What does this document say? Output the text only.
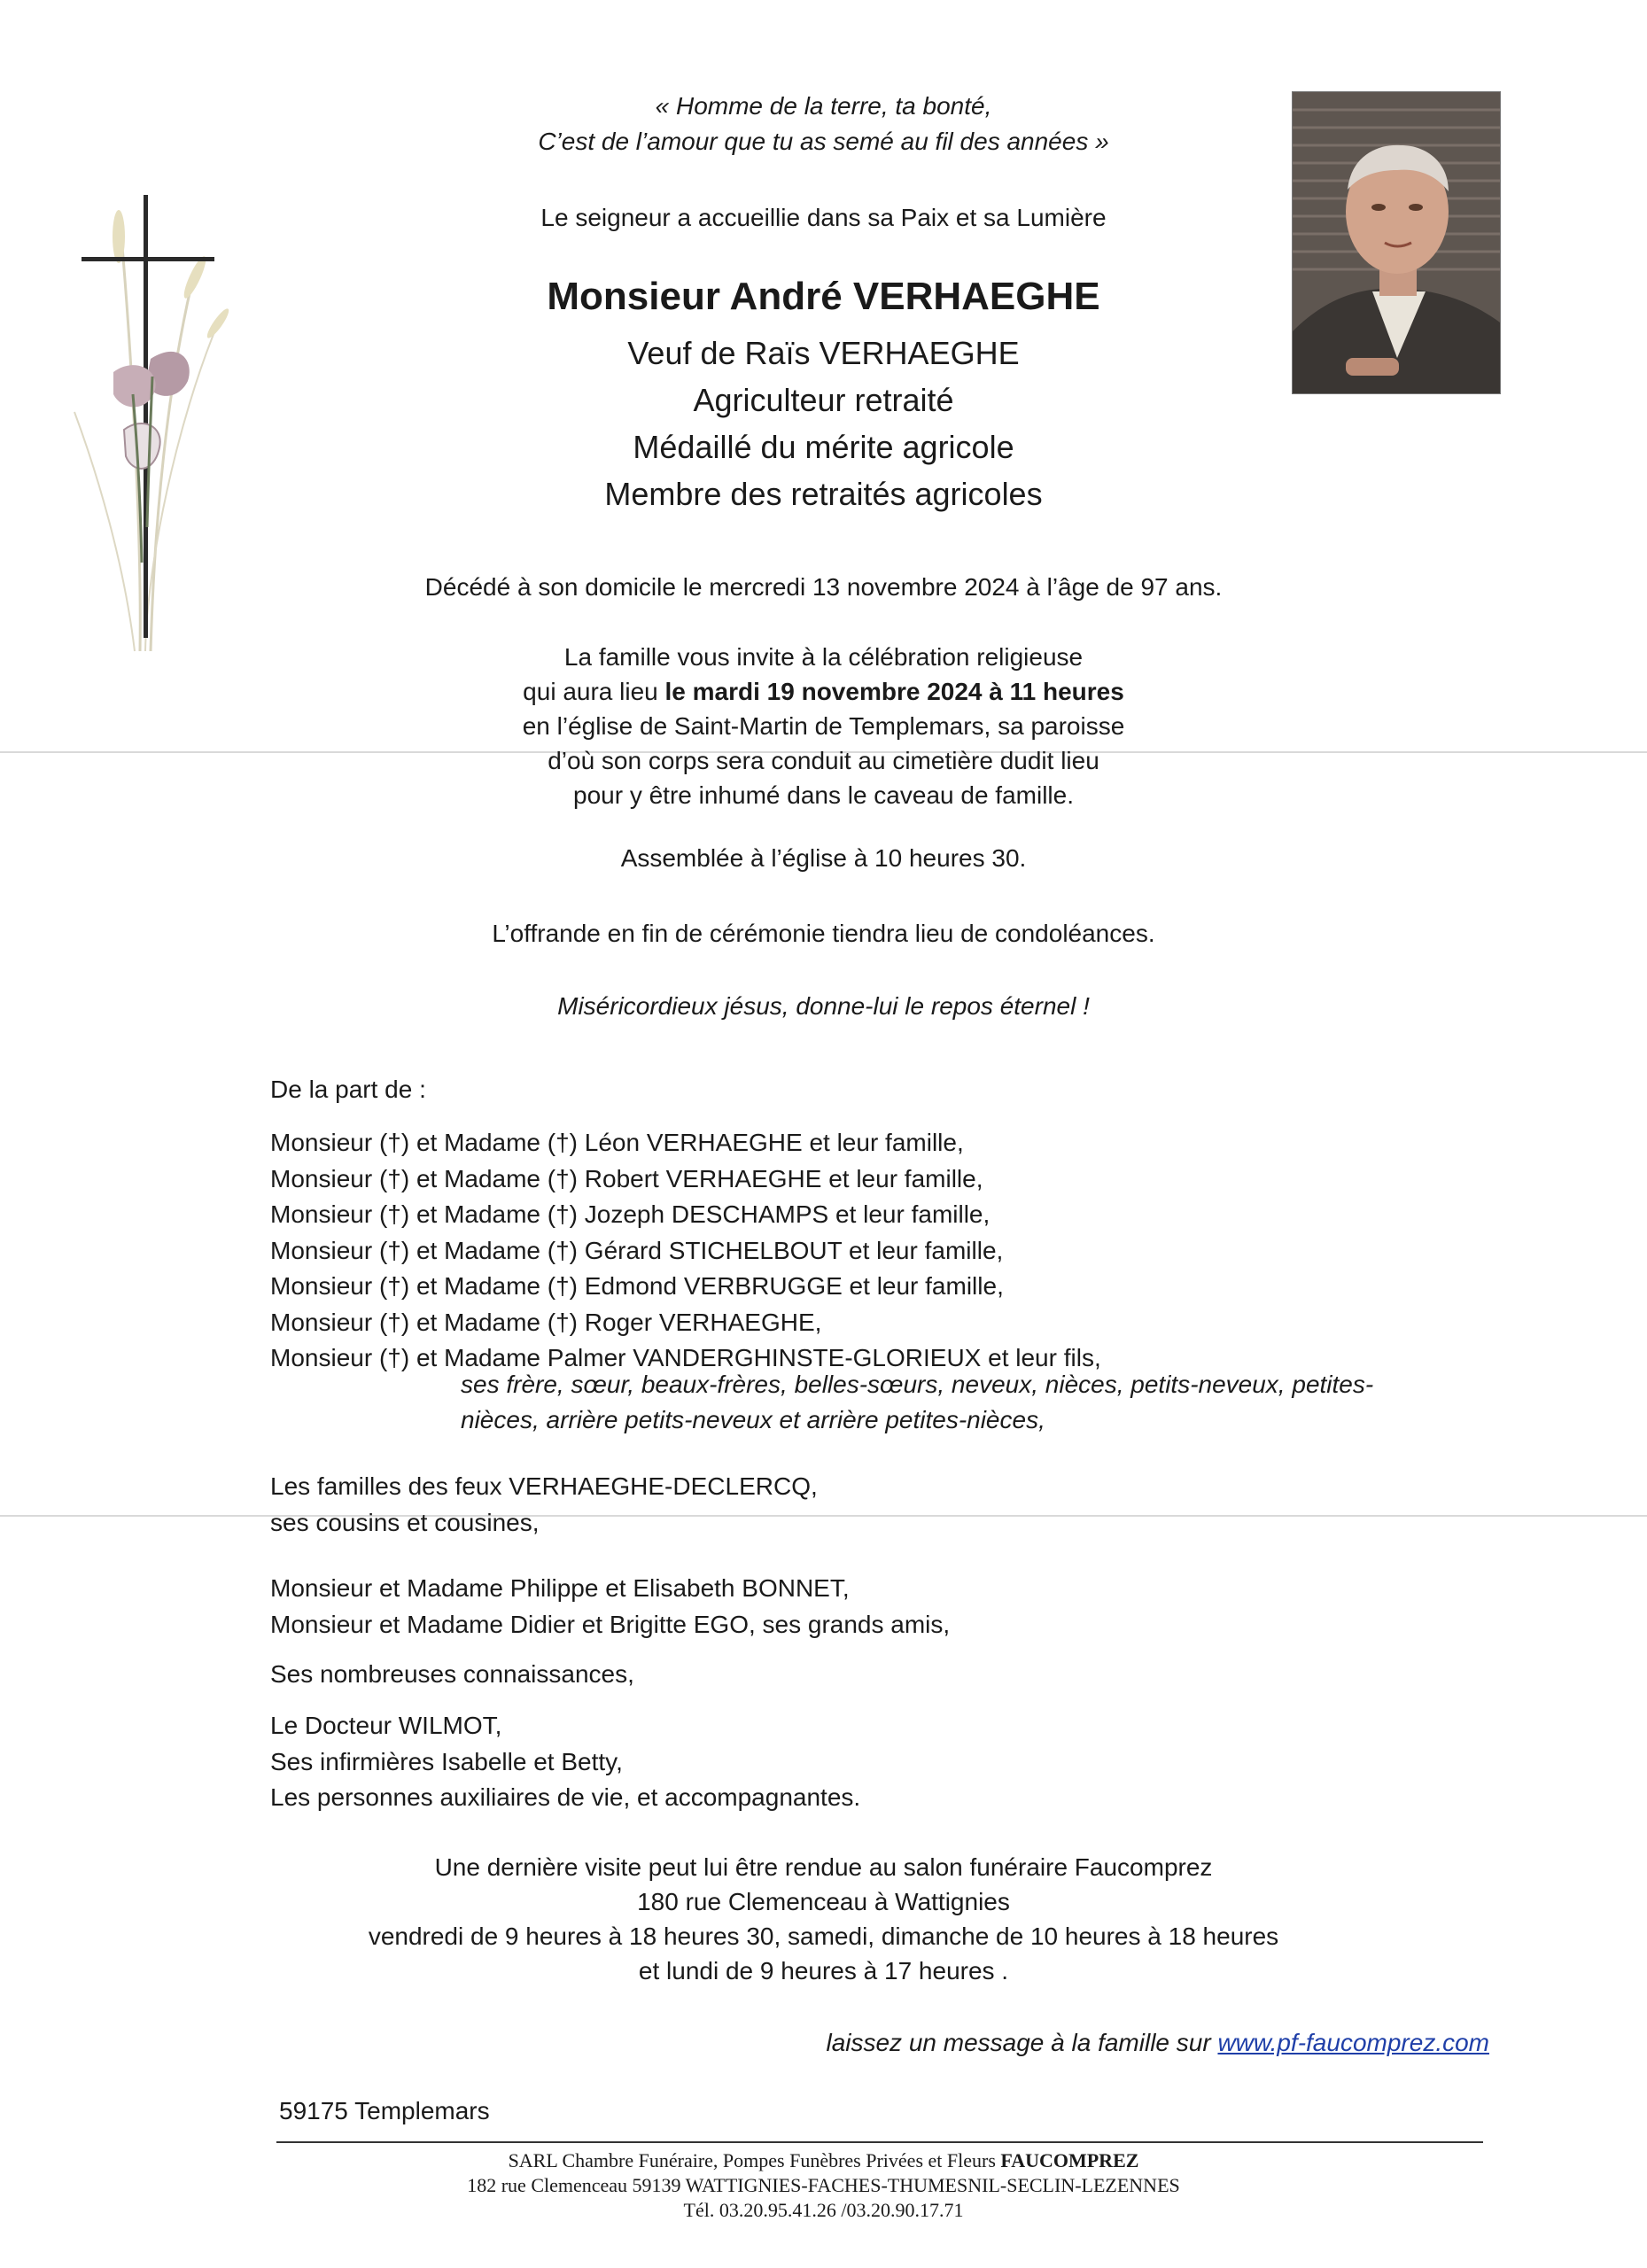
« Homme de la terre, ta bonté,
C’est de l’amour que tu as semé au fil des années »
Le seigneur a accueillie dans sa Paix et sa Lumière
Monsieur André VERHAEGHE
Veuf de Raïs VERHAEGHE
Agriculteur retraité
Médaillé du mérite agricole
Membre des retraités agricoles
Décédé à son domicile le mercredi 13 novembre 2024 à l’âge de 97 ans.
La famille vous invite à la célébration religieuse
qui aura lieu le mardi 19 novembre 2024 à 11 heures
en l’église de Saint-Martin de Templemars, sa paroisse
d’où son corps sera conduit au cimetière dudit lieu
pour y être inhumé dans le caveau de famille.
Assemblée à l’église à 10 heures 30.
L’offrande en fin de cérémonie tiendra lieu de condoléances.
Miséricordieux jésus, donne-lui le repos éternel !
De la part de :
Monsieur (†) et Madame (†) Léon VERHAEGHE et leur famille,
Monsieur (†) et Madame (†) Robert VERHAEGHE et leur famille,
Monsieur (†) et Madame (†) Jozeph DESCHAMPS et leur famille,
Monsieur (†) et Madame (†) Gérard STICHELBOUT et leur famille,
Monsieur (†) et Madame (†) Edmond VERBRUGGE et leur famille,
Monsieur (†) et Madame (†) Roger VERHAEGHE,
Monsieur (†) et Madame Palmer VANDERGHINSTE-GLORIEUX et leur fils,
ses frère, sœur, beaux-frères, belles-sœurs, neveux, nièces, petits-neveux, petites-
nièces, arrière petits-neveux et arrière petites-nièces,
Les familles des feux VERHAEGHE-DECLERCQ,
ses cousins et cousines,
Monsieur et Madame Philippe et Elisabeth BONNET,
Monsieur et Madame Didier et Brigitte EGO, ses grands amis,
Ses nombreuses connaissances,
Le Docteur WILMOT,
Ses infirmières Isabelle et Betty,
Les personnes auxiliaires de vie, et accompagnantes.
Une dernière visite peut lui être rendue au salon funéraire Faucomprez
180 rue Clemenceau à Wattignies
vendredi de 9 heures à 18 heures 30, samedi, dimanche de 10 heures à 18 heures
et lundi de 9 heures à 17 heures .
laissez un message à la famille sur www.pf-faucomprez.com
59175 Templemars
SARL Chambre Funéraire, Pompes Funèbres Privées et Fleurs FAUCOMPREZ
182 rue Clemenceau 59139 WATTIGNIES-FACHES-THUMESNIL-SECLIN-LEZENNES
Tél. 03.20.95.41.26 /03.20.90.17.71
